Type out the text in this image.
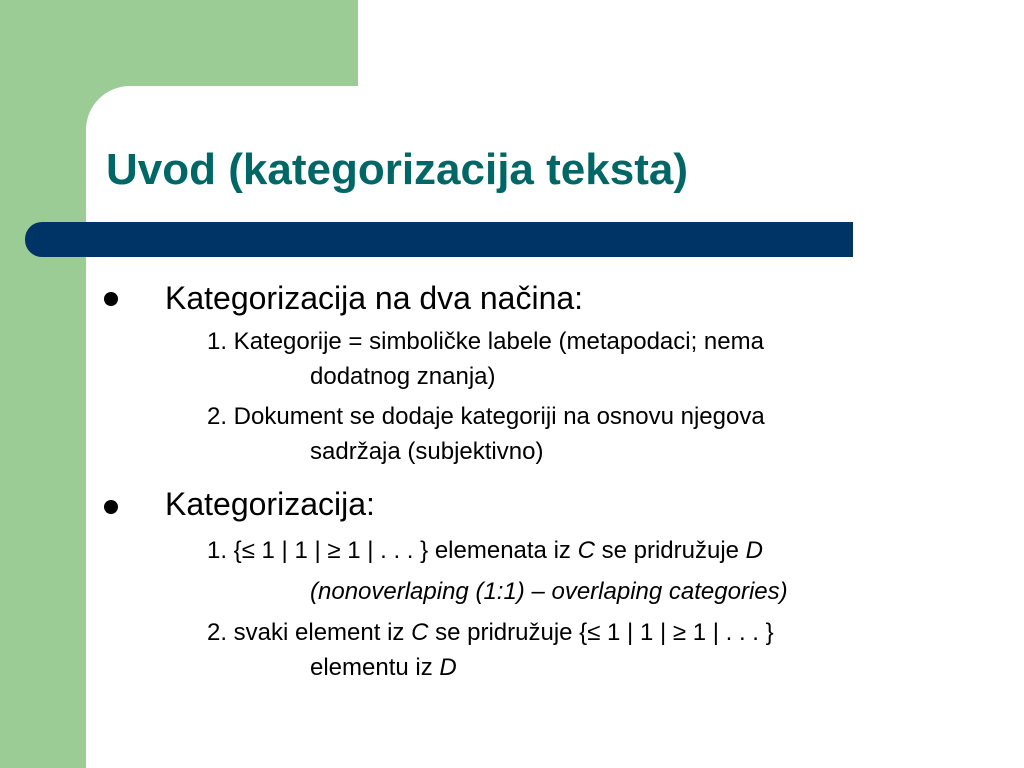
Uvod (kategorizacija teksta)
Kategorizacija na dva načina:
1. Kategorije = simboličke labele (metapodaci; nema
dodatnog znanja)
2. Dokument se dodaje kategoriji na osnovu njegova
sadržaja (subjektivno)
Kategorizacija:
1. {≤ 1 | 1 | ≥ 1 | . . . } elemenata iz C se pridružuje D
(nonoverlaping (1:1) – overlaping categories)
2. svaki element iz C se pridružuje {≤ 1 | 1 | ≥ 1 | . . . }
elementu iz D
